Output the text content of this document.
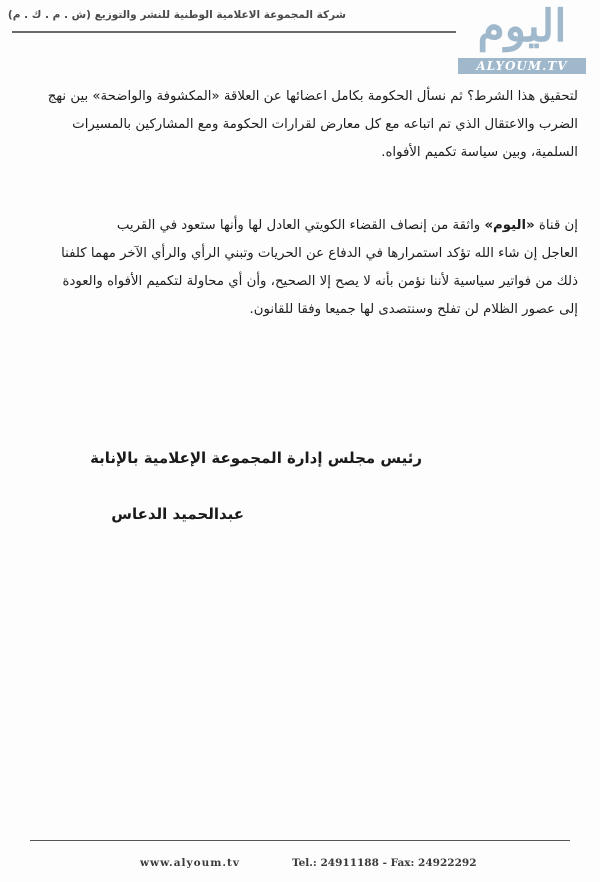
شركة المجموعة الاعلامية الوطنية للنشر والتوزيع (ش . م . ك . م)	اليوم
ALYOUM.TV
لتحقيق هذا الشرط؟ ثم نسأل الحكومة بكامل اعضائها عن العلاقة «المكشوفة والواضحة» بين نهج
الضرب والاعتقال الذي تم اتباعه مع كل معارض لقرارات الحكومة ومع المشاركين بالمسيرات
السلمية، وبين سياسة تكميم الأفواه.
إن قناة «اليوم» واثقة من إنصاف القضاء الكويتي العادل لها وأنها ستعود في القريب
العاجل إن شاء الله تؤكد استمرارها في الدفاع عن الحريات وتبني الرأي والرأي الآخر مهما كلفنا
ذلك من فواتير سياسية لأننا نؤمن بأنه لا يصح إلا الصحيح، وأن أي محاولة لتكميم الأفواه والعودة
إلى عصور الظلام لن تفلح وسنتصدى لها جميعا وفقا للقانون.
رئيس مجلس إدارة المجموعة الإعلامية بالإنابة
عبدالحميد الدعاس
www.alyoum.tv	Tel.: 24911188 - Fax: 24922292
